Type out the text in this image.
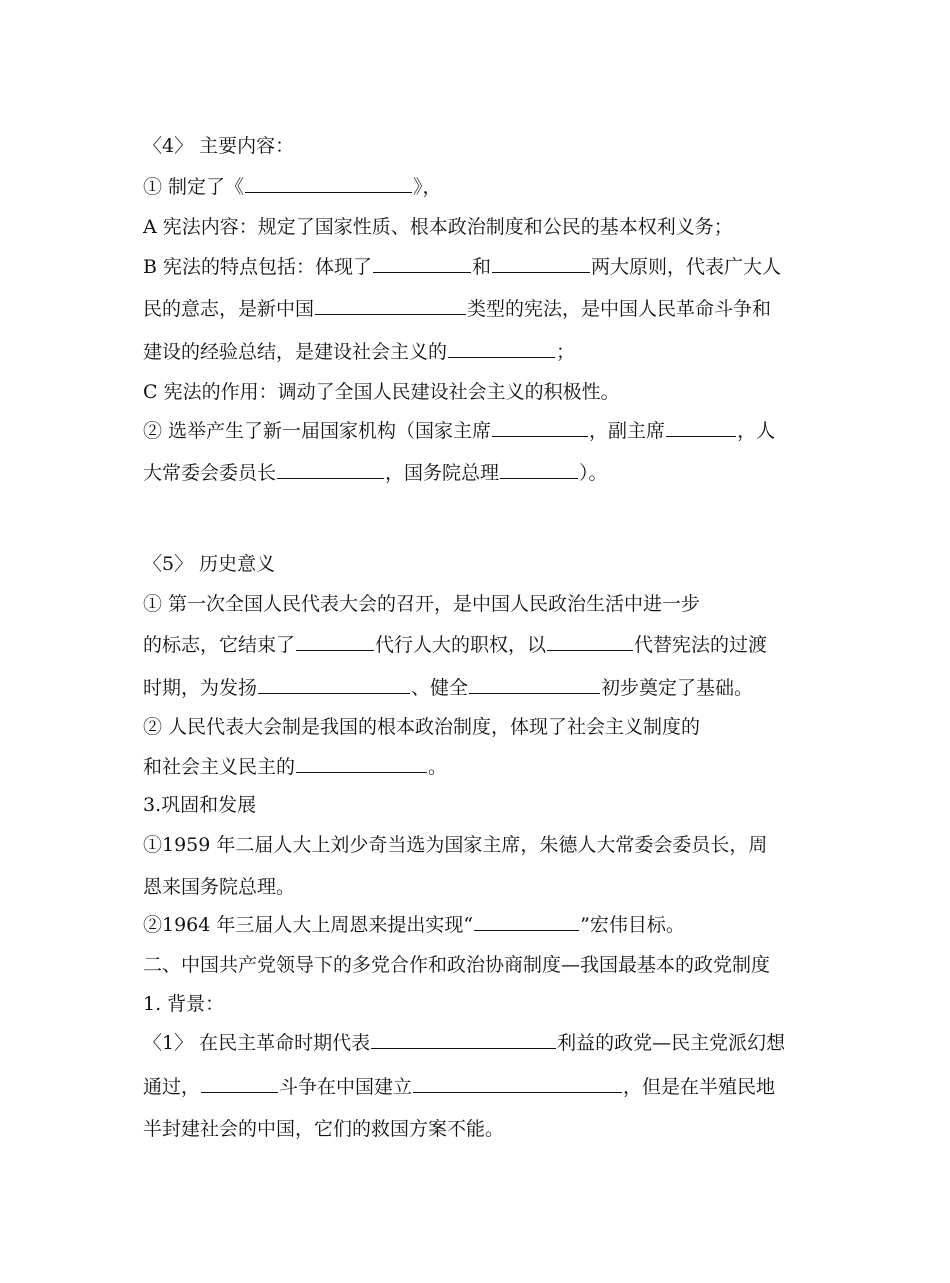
〈4〉 主要内容：
① 制定了《	》，
A 宪法内容：规定了国家性质、根本政治制度和公民的基本权利义务；
B 宪法的特点包括：体现了	和	两大原则，代表广大人
民的意志，是新中国	类型的宪法，是中国人民革命斗争和
建设的经验总结，是建设社会主义的	；
C 宪法的作用：调动了全国人民建设社会主义的积极性。
② 选举产生了新一届国家机构（国家主席	，副主席	，人
大常委会委员长	，国务院总理	）。
〈5〉 历史意义
① 第一次全国人民代表大会的召开，是中国人民政治生活中进一步
的标志，它结束了	代行人大的职权，以	代替宪法的过渡
时期，为发扬	、健全	初步奠定了基础。
② 人民代表大会制是我国的根本政治制度，体现了社会主义制度的
和社会主义民主的	。
3.巩固和发展
①1959 年二届人大上刘少奇当选为国家主席，朱德人大常委会委员长，周
恩来国务院总理。
②1964 年三届人大上周恩来提出实现“	”宏伟目标。
二、中国共产党领导下的多党合作和政治协商制度—我国最基本的政党制度
1. 背景：
〈1〉 在民主革命时期代表	利益的政党—民主党派幻想
通过，	斗争在中国建立	，但是在半殖民地
半封建社会的中国，它们的救国方案不能。
